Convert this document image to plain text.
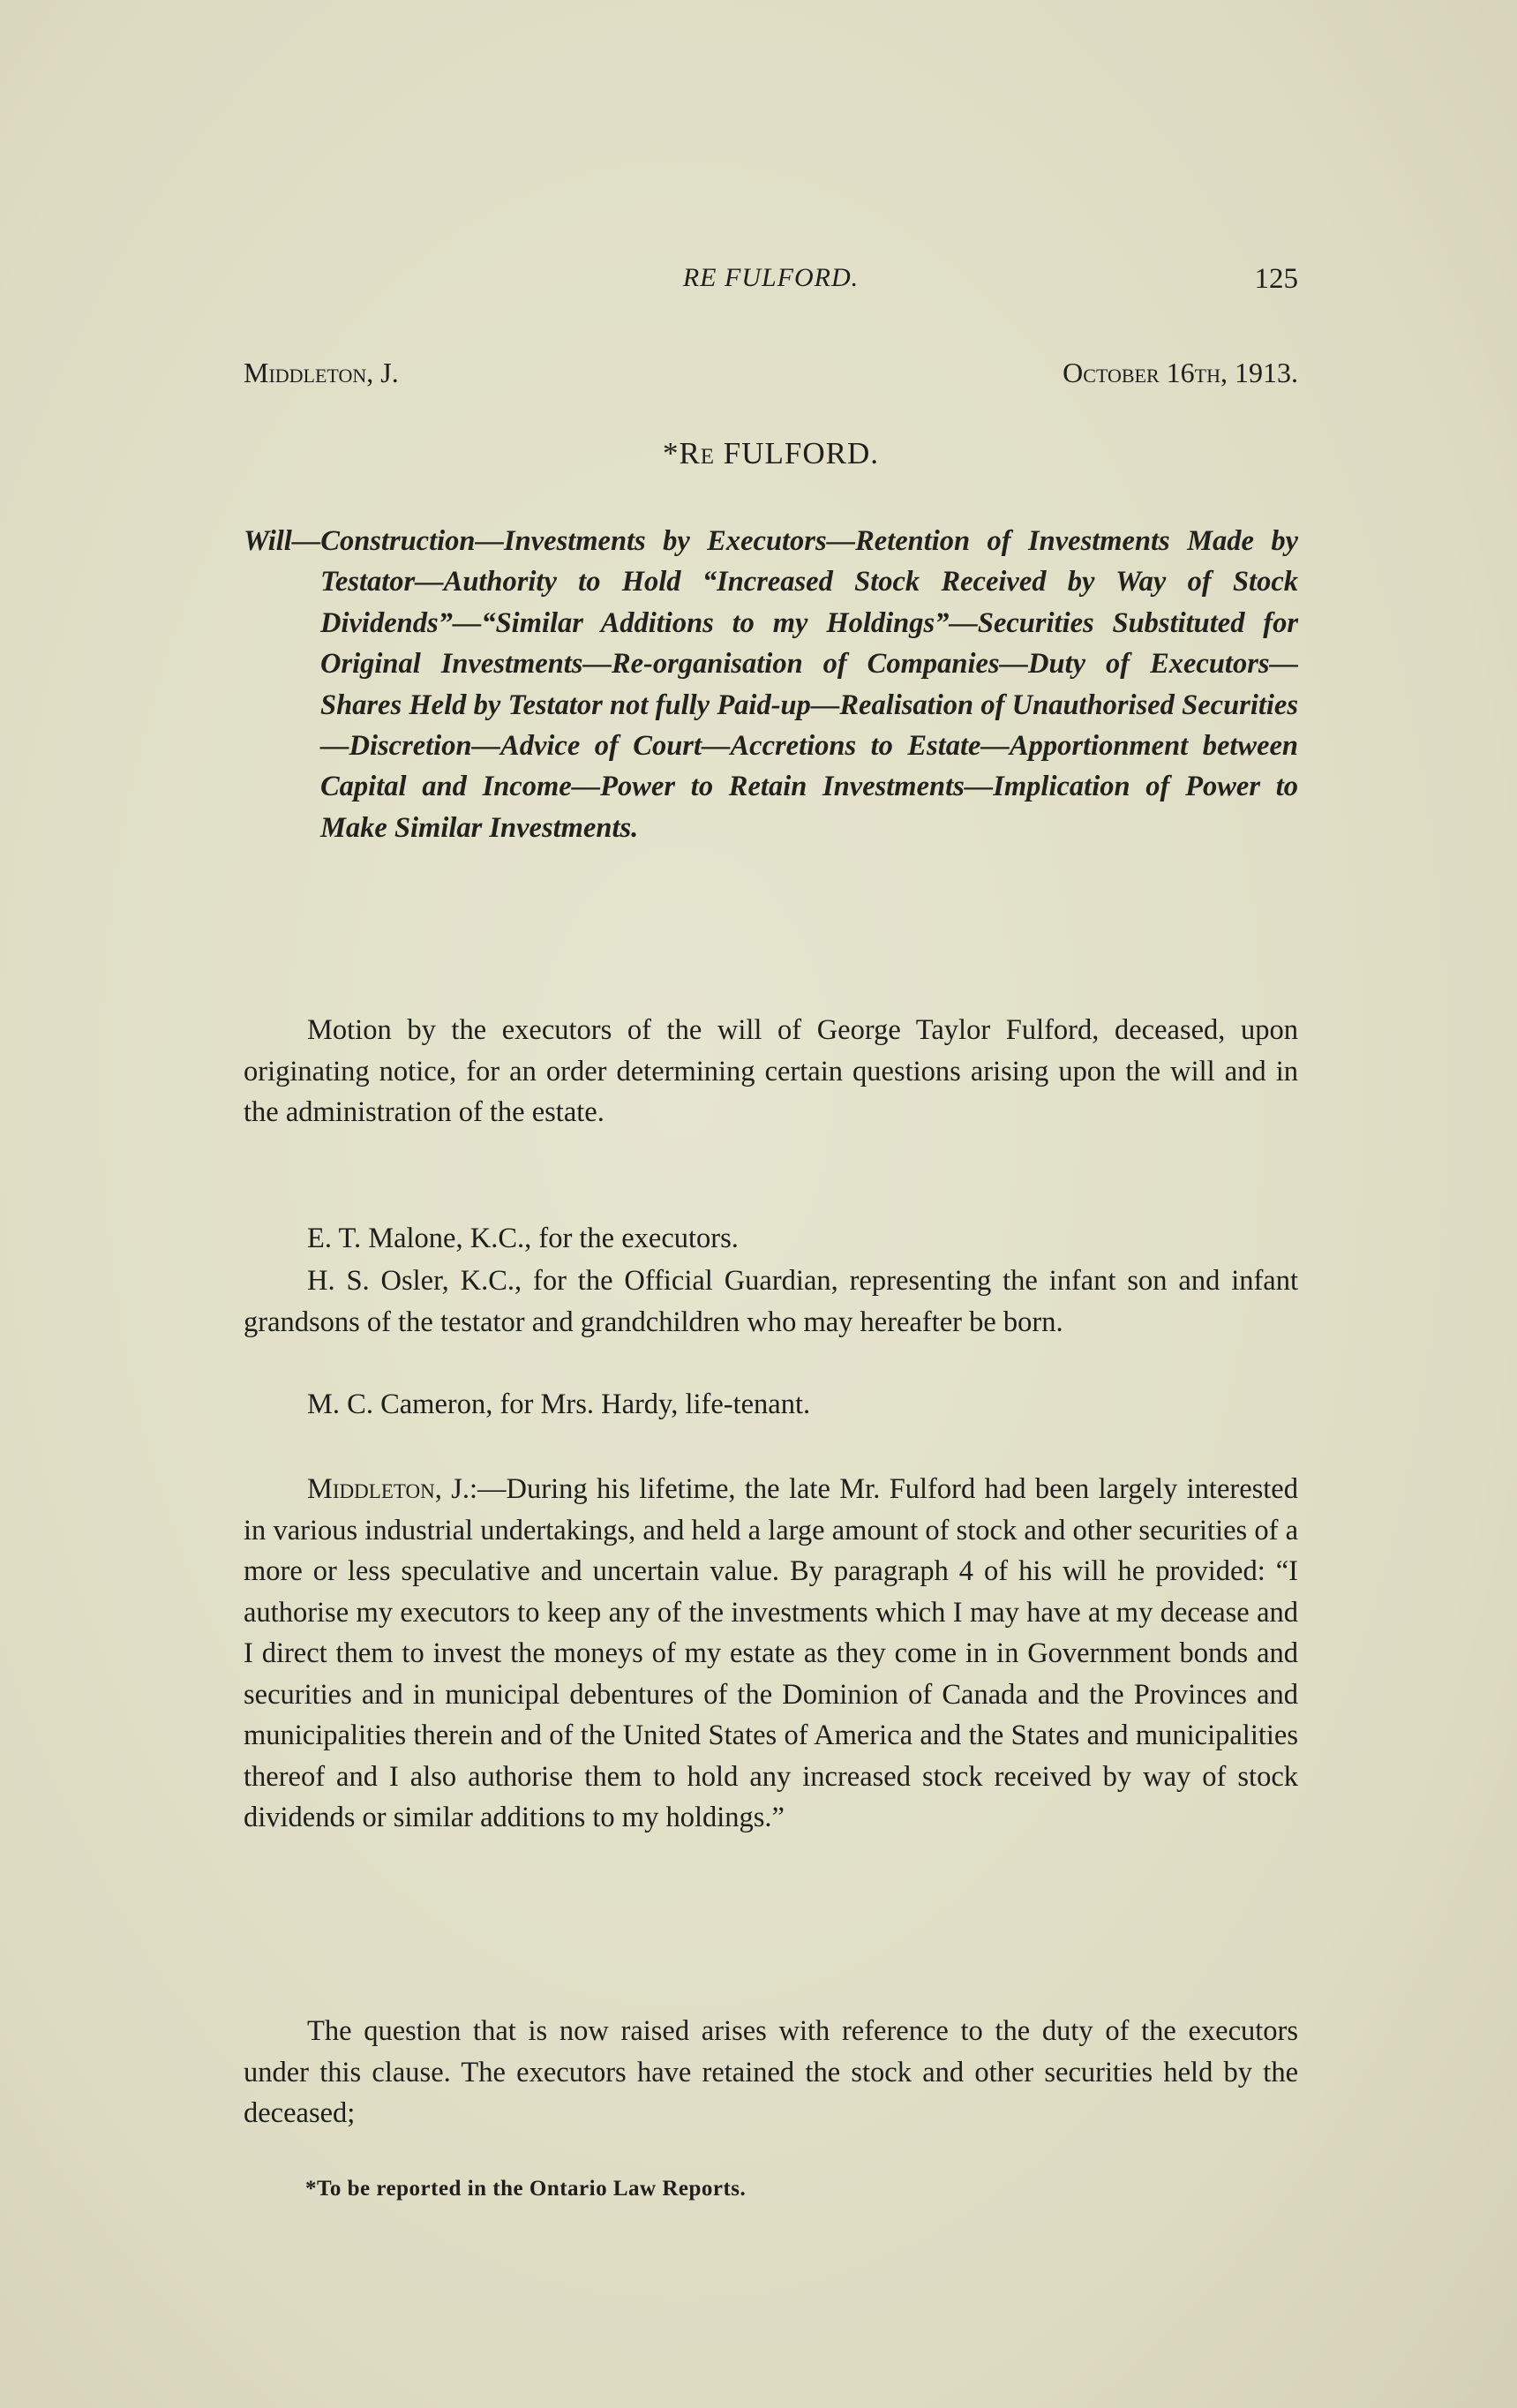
RE FULFORD.	125
Middleton, J.	October 16th, 1913.
*Re FULFORD.
Will—Construction—Investments by Executors—Retention of Investments Made by Testator—Authority to Hold “Increased Stock Received by Way of Stock Dividends”—“Similar Additions to my Holdings”—Securities Substituted for Original Investments—Re-organisation of Companies—Duty of Executors—Shares Held by Testator not fully Paid-up—Realisation of Unauthorised Securities—Discretion—Advice of Court—Accretions to Estate—Apportionment between Capital and Income—Power to Retain Investments—Implication of Power to Make Similar Investments.
Motion by the executors of the will of George Taylor Fulford, deceased, upon originating notice, for an order determining certain questions arising upon the will and in the administration of the estate.
E. T. Malone, K.C., for the executors.
H. S. Osler, K.C., for the Official Guardian, representing the infant son and infant grandsons of the testator and grandchildren who may hereafter be born.
M. C. Cameron, for Mrs. Hardy, life-tenant.
Middleton, J.:—During his lifetime, the late Mr. Fulford had been largely interested in various industrial undertakings, and held a large amount of stock and other securities of a more or less speculative and uncertain value. By paragraph 4 of his will he provided: “I authorise my executors to keep any of the investments which I may have at my decease and I direct them to invest the moneys of my estate as they come in in Government bonds and securities and in municipal debentures of the Dominion of Canada and the Provinces and municipalities therein and of the United States of America and the States and municipalities thereof and I also authorise them to hold any increased stock received by way of stock dividends or similar additions to my holdings.”
The question that is now raised arises with reference to the duty of the executors under this clause. The executors have retained the stock and other securities held by the deceased;
*To be reported in the Ontario Law Reports.
